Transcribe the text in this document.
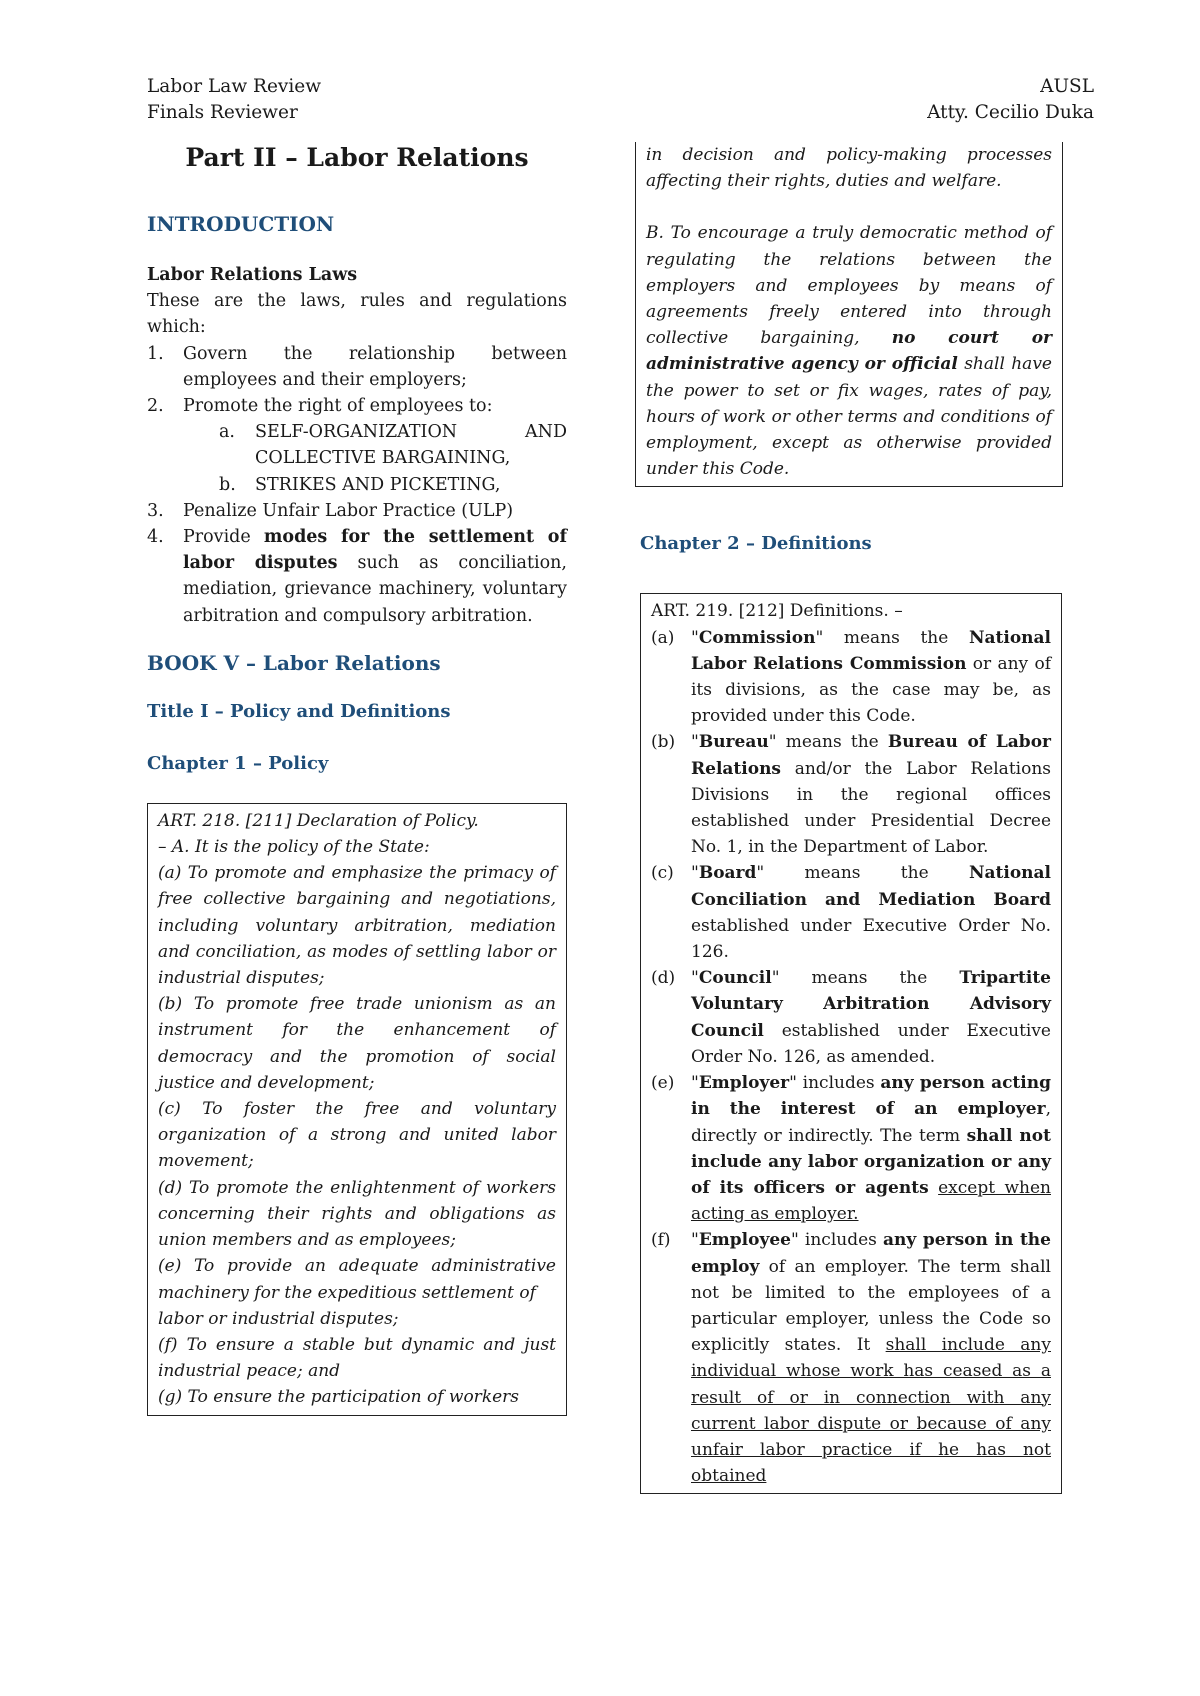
Labor Law Review
Finals Reviewer
AUSL
Atty. Cecilio Duka
Part II – Labor Relations
INTRODUCTION
Labor Relations Laws

These are the laws, rules and regulations which:

1. Govern the relationship between employees and their employers;
2. Promote the right of employees to:
a. SELF-ORGANIZATION	AND
COLLECTIVE BARGAINING,
b. STRIKES AND PICKETING,
3. Penalize Unfair Labor Practice (ULP)
4. Provide modes for the settlement of labor disputes such as conciliation, mediation, grievance machinery, voluntary arbitration and compulsory arbitration.
BOOK V – Labor Relations
Title I – Policy and Definitions
Chapter 1 – Policy

ART. 218. [211] Declaration of Policy.

– A. It is the policy of the State:

(a) To promote and emphasize the primacy of free collective bargaining and negotiations, including voluntary arbitration, mediation and conciliation, as modes of settling labor or industrial disputes;

(b) To promote free trade unionism as an instrument for the enhancement of democracy and the promotion of social justice and development;

(c) To foster the free and voluntary organization of a strong and united labor movement;

(d) To promote the enlightenment of workers concerning their rights and obligations as union members and as employees;

(e) To provide an adequate administrative machinery for the expeditious settlement of

labor or industrial disputes;

(f) To ensure a stable but dynamic and just industrial peace; and

(g) To ensure the participation of workers

in decision and policy-making processes affecting their rights, duties and welfare.

B. To encourage a truly democratic method of regulating the relations between the employers and employees by means of agreements freely entered into through collective bargaining, no court or administrative agency or official shall have the power to set or fix wages, rates of pay, hours of work or other terms and conditions of employment, except as otherwise provided under this Code.

Chapter 2 – Definitions

ART. 219. [212] Definitions. –

(a) "Commission" means the National Labor Relations Commission or any of its divisions, as the case may be, as provided under this Code.
(b) "Bureau" means the Bureau of Labor Relations and/or the Labor Relations Divisions in the regional offices established under Presidential Decree No. 1, in the Department of Labor.
(c) "Board" means the National Conciliation and Mediation Board established under Executive Order No. 126.
(d) "Council" means the Tripartite Voluntary Arbitration Advisory Council established under Executive Order No. 126, as amended.
(e) "Employer" includes any person acting in the interest of an employer, directly or indirectly. The term shall not include any labor organization or any of its officers or agents except when acting as employer.
(f) "Employee" includes any person in the employ of an employer. The term shall not be limited to the employees of a particular employer, unless the Code so explicitly states. It shall include any individual whose work has ceased as a result of or in connection with any current labor dispute or because of any unfair labor practice if he has not obtained
